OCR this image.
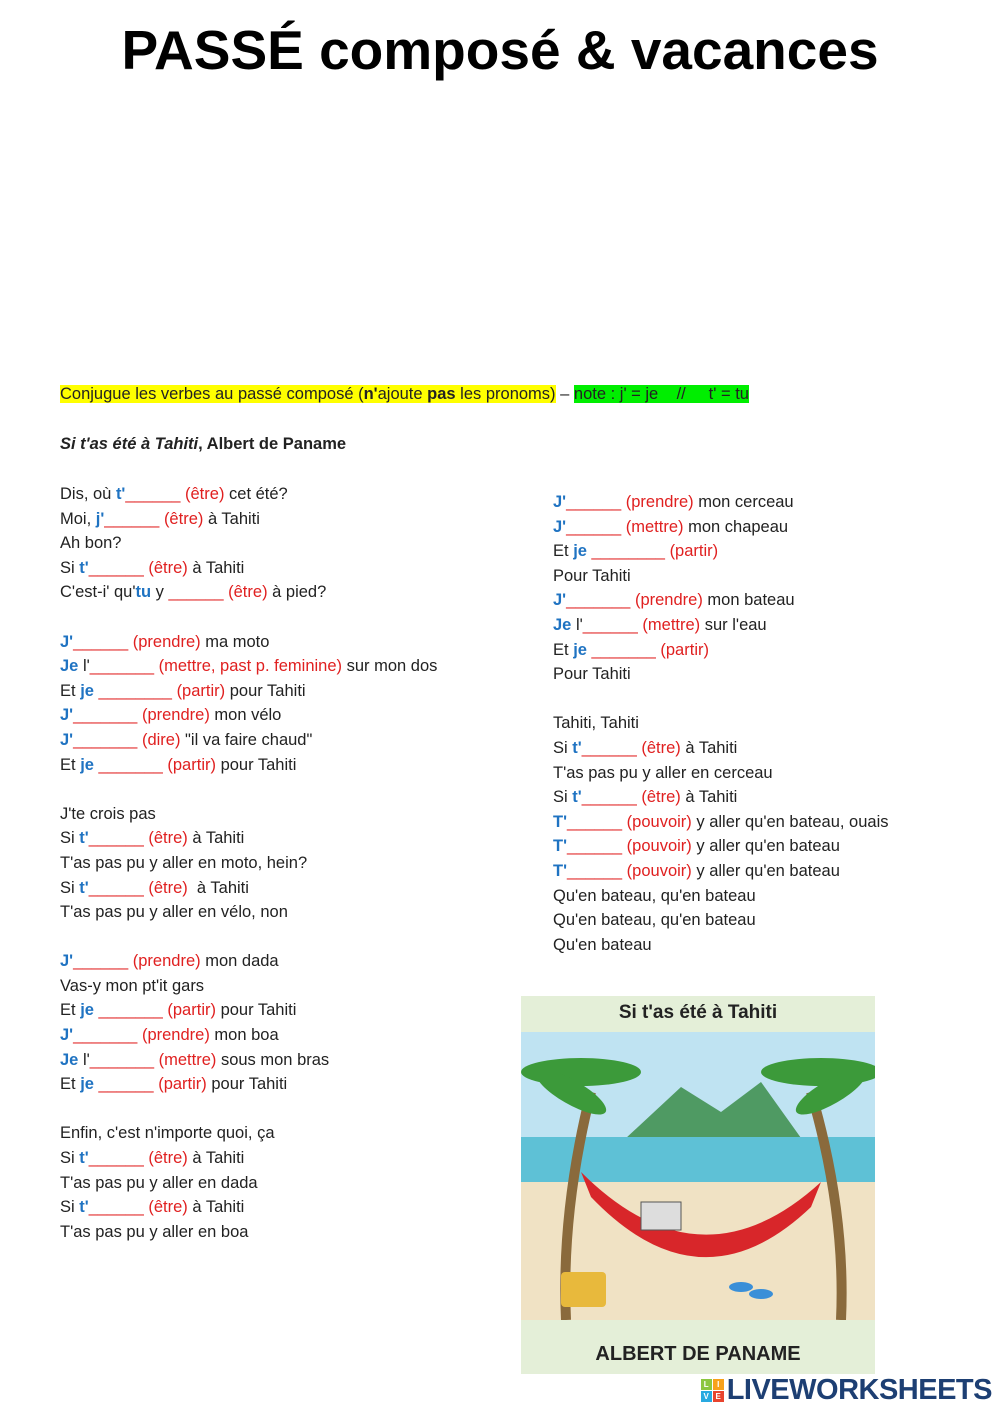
PASSÉ composé & vacances
Conjugue les verbes au passé composé (n'ajoute pas les pronoms) – note : j' = je    //     t' = tu
Si t'as été à Tahiti, Albert de Paname
Dis, où t'______ (être) cet été?
Moi, j'______ (être) à Tahiti
Ah bon?
Si t'______ (être) à Tahiti
C'est-i' qu'tu y ______ (être) à pied?
J'______ (prendre) ma moto
Je l'_______ (mettre, past p. feminine) sur mon dos
Et je ________ (partir) pour Tahiti
J'_______ (prendre) mon vélo
J'_______ (dire) "il va faire chaud"
Et je _______ (partir) pour Tahiti
J'te crois pas
Si t'______ (être) à Tahiti
T'as pas pu y aller en moto, hein?
Si t'______ (être)  à Tahiti
T'as pas pu y aller en vélo, non
J'______ (prendre) mon dada
Vas-y mon pt'it gars
Et je _______ (partir) pour Tahiti
J'_______ (prendre) mon boa
Je l'_______ (mettre) sous mon bras
Et je ______ (partir) pour Tahiti
Enfin, c'est n'importe quoi, ça
Si t'______ (être) à Tahiti
T'as pas pu y aller en dada
Si t'______ (être) à Tahiti
T'as pas pu y aller en boa
J'______ (prendre) mon cerceau
J'______ (mettre) mon chapeau
Et je ________ (partir)
Pour Tahiti
J'_______ (prendre) mon bateau
Je l'______ (mettre) sur l'eau
Et je _______ (partir)
Pour Tahiti
Tahiti, Tahiti
Si t'______ (être) à Tahiti
T'as pas pu y aller en cerceau
Si t'______ (être) à Tahiti
T'______ (pouvoir) y aller qu'en bateau, ouais
T'______ (pouvoir) y aller qu'en bateau
T'______ (pouvoir) y aller qu'en bateau
Qu'en bateau, qu'en bateau
Qu'en bateau, qu'en bateau
Qu'en bateau
Si t'as été à Tahiti
ALBERT DE PANAME
L	I
V E LIVEWORKSHEETS
